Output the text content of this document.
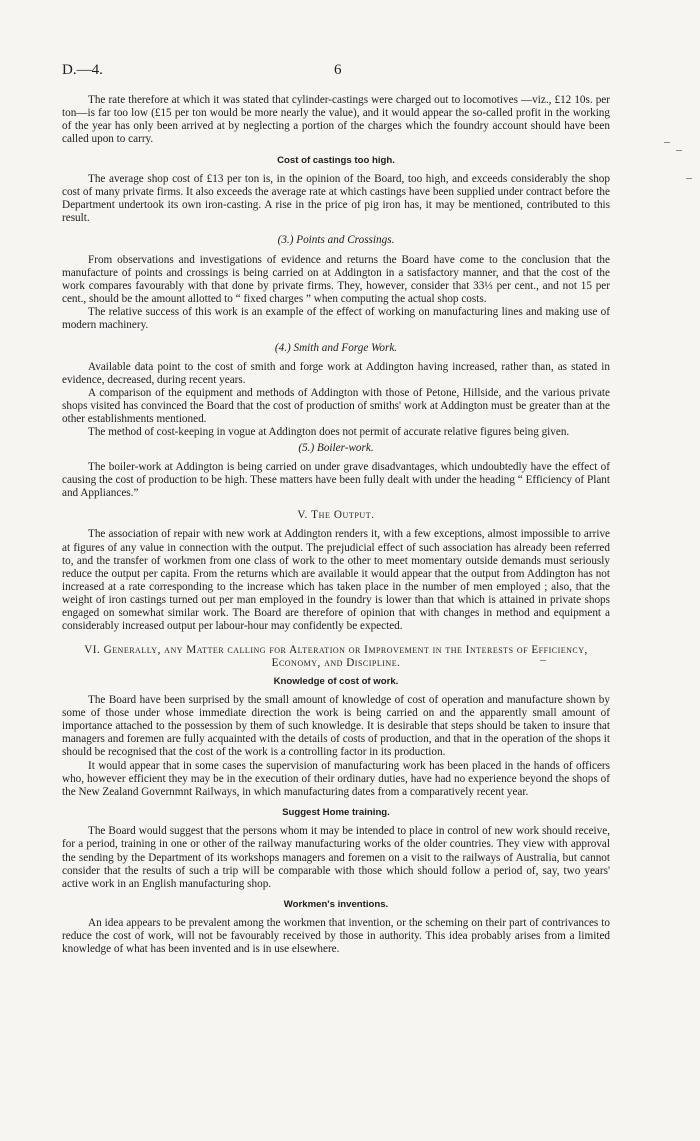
D.—4.	6

The rate therefore at which it was stated that cylinder-castings were charged out to locomotives —viz., £12 10s. per ton—is far too low (£15 per ton would be more nearly the value), and it would appear the so-called profit in the working of the year has only been arrived at by neglecting a portion of the charges which the foundry account should have been called upon to carry.

Cost of castings too high.

The average shop cost of £13 per ton is, in the opinion of the Board, too high, and exceeds considerably the shop cost of many private firms. It also exceeds the average rate at which castings have been supplied under contract before the Department undertook its own iron-casting. A rise in the price of pig iron has, it may be mentioned, contributed to this result.

(3.) Points and Crossings.

From observations and investigations of evidence and returns the Board have come to the conclusion that the manufacture of points and crossings is being carried on at Addington in a satisfactory manner, and that the cost of the work compares favourably with that done by private firms. They, however, consider that 33⅓ per cent., and not 15 per cent., should be the amount allotted to “ fixed charges ” when computing the actual shop costs.

The relative success of this work is an example of the effect of working on manufacturing lines and making use of modern machinery.

(4.) Smith and Forge Work.

Available data point to the cost of smith and forge work at Addington having increased, rather than, as stated in evidence, decreased, during recent years.

A comparison of the equipment and methods of Addington with those of Petone, Hillside, and the various private shops visited has convinced the Board that the cost of production of smiths' work at Addington must be greater than at the other establishments mentioned.

The method of cost-keeping in vogue at Addington does not permit of accurate relative figures being given.

(5.) Boiler-work.

The boiler-work at Addington is being carried on under grave disadvantages, which undoubtedly have the effect of causing the cost of production to be high. These matters have been fully dealt with under the heading “ Efficiency of Plant and Appliances.”

V. The Output.

The association of repair with new work at Addington renders it, with a few exceptions, almost impossible to arrive at figures of any value in connection with the output. The prejudicial effect of such association has already been referred to, and the transfer of workmen from one class of work to the other to meet momentary outside demands must seriously reduce the output per capita. From the returns which are available it would appear that the output from Addington has not increased at a rate corresponding to the increase which has taken place in the number of men employed ; also, that the weight of iron castings turned out per man employed in the foundry is lower than that which is attained in private shops engaged on somewhat similar work. The Board are therefore of opinion that with changes in method and equipment a considerably increased output per labour-hour may confidently be expected.

VI. Generally, any Matter calling for Alteration or Improvement in the Interests of Efficiency, Economy, and Discipline.
Knowledge of cost of work.

The Board have been surprised by the small amount of knowledge of cost of operation and manufacture shown by some of those under whose immediate direction the work is being carried on and the apparently small amount of importance attached to the possession by them of such knowledge. It is desirable that steps should be taken to insure that managers and foremen are fully acquainted with the details of costs of production, and that in the operation of the shops it should be recognised that the cost of the work is a controlling factor in its production.

It would appear that in some cases the supervision of manufacturing work has been placed in the hands of officers who, however efficient they may be in the execution of their ordinary duties, have had no experience beyond the shops of the New Zealand Governmnt Railways, in which manufacturing dates from a comparatively recent year.

Suggest Home training.

The Board would suggest that the persons whom it may be intended to place in control of new work should receive, for a period, training in one or other of the railway manufacturing works of the older countries. They view with approval the sending by the Department of its workshops managers and foremen on a visit to the railways of Australia, but cannot consider that the results of such a trip will be comparable with those which should follow a period of, say, two years' active work in an English manufacturing shop.

Workmen's inventions.

An idea appears to be prevalent among the workmen that invention, or the scheming on their part of contrivances to reduce the cost of work, will not be favourably received by those in authority. This idea probably arises from a limited knowledge of what has been invented and is in use elsewhere.
